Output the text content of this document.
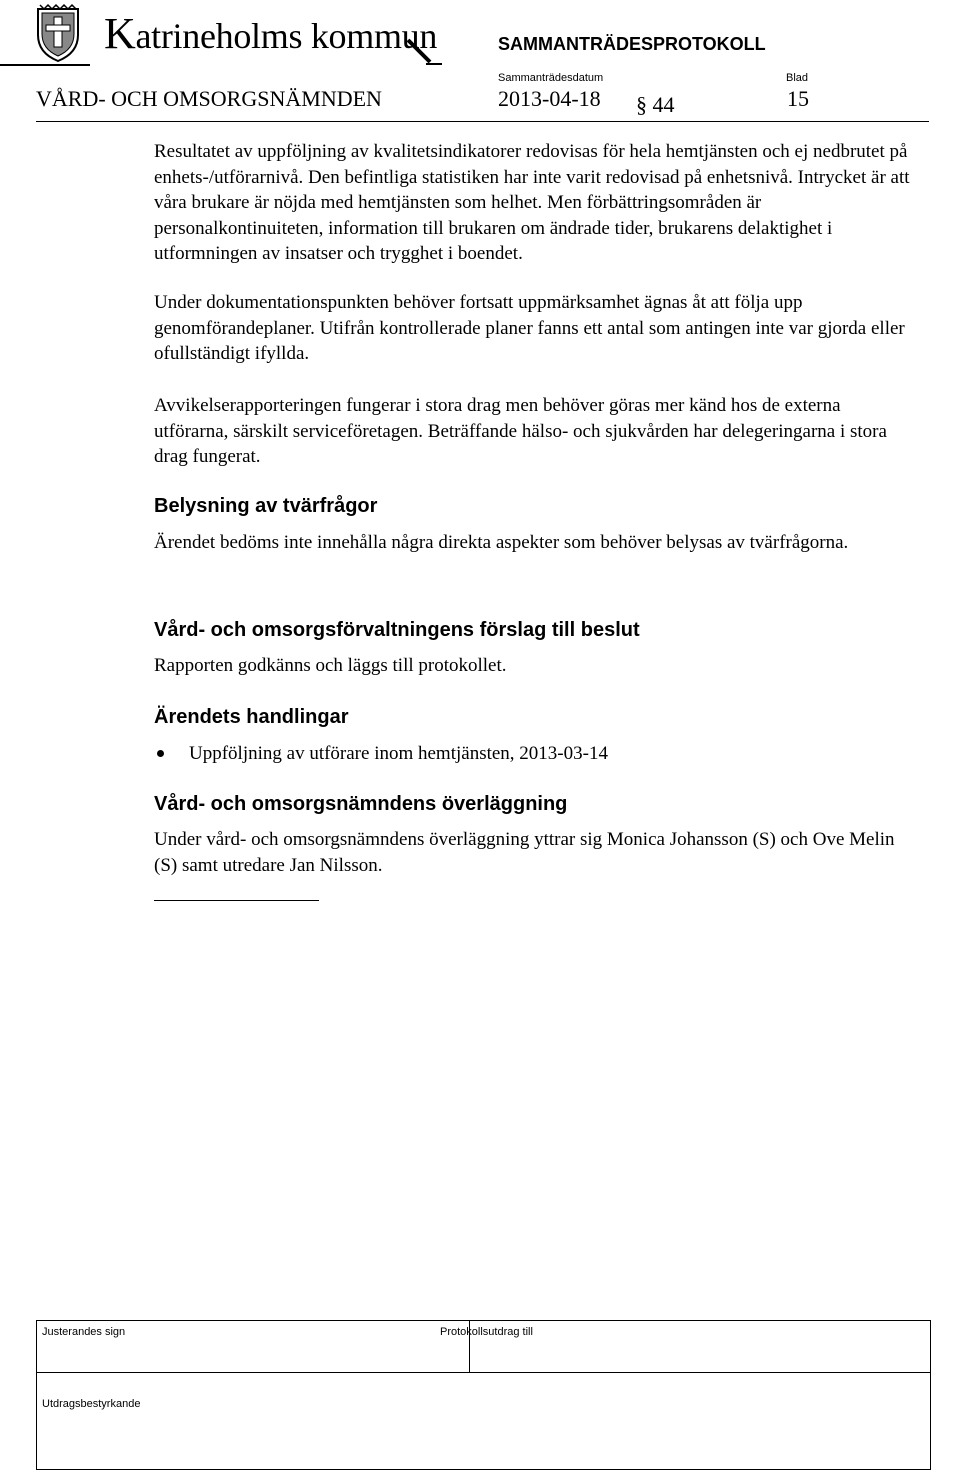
Katrineholms kommun	SAMMANTRÄDESPROTOKOLL
Sammanträdesdatum	Blad
VÅRD- OCH OMSORGSNÄMNDEN	2013-04-18 § 44	15

Resultatet av uppföljning av kvalitetsindikatorer redovisas för hela hemtjänsten och ej nedbrutet på enhets-/utförarnivå. Den befintliga statistiken har inte varit redovisad på enhetsnivå. Intrycket är att våra brukare är nöjda med hemtjänsten som helhet. Men förbättringsområden är personalkontinuiteten, information till brukaren om ändrade tider, brukarens delaktighet i utformningen av insatser och trygghet i boendet.

Under dokumentationspunkten behöver fortsatt uppmärksamhet ägnas åt att följa upp genomförandeplaner. Utifrån kontrollerade planer fanns ett antal som antingen inte var gjorda eller ofullständigt ifyllda.

Avvikelserapporteringen fungerar i stora drag men behöver göras mer känd hos de externa utförarna, särskilt serviceföretagen. Beträffande hälso- och sjukvården har delegeringarna i stora drag fungerat.

Belysning av tvärfrågor

Ärendet bedöms inte innehålla några direkta aspekter som behöver belysas av tvärfrågorna.

Vård- och omsorgsförvaltningens förslag till beslut

Rapporten godkänns och läggs till protokollet.

Ärendets handlingar
Uppföljning av utförare inom hemtjänsten, 2013-03-14
Vård- och omsorgsnämndens överläggning

Under vård- och omsorgsnämndens överläggning yttrar sig Monica Johansson (S) och Ove Melin (S) samt utredare Jan Nilsson.

Justerandes sign	Protokollsutdrag till
Utdragsbestyrkande
